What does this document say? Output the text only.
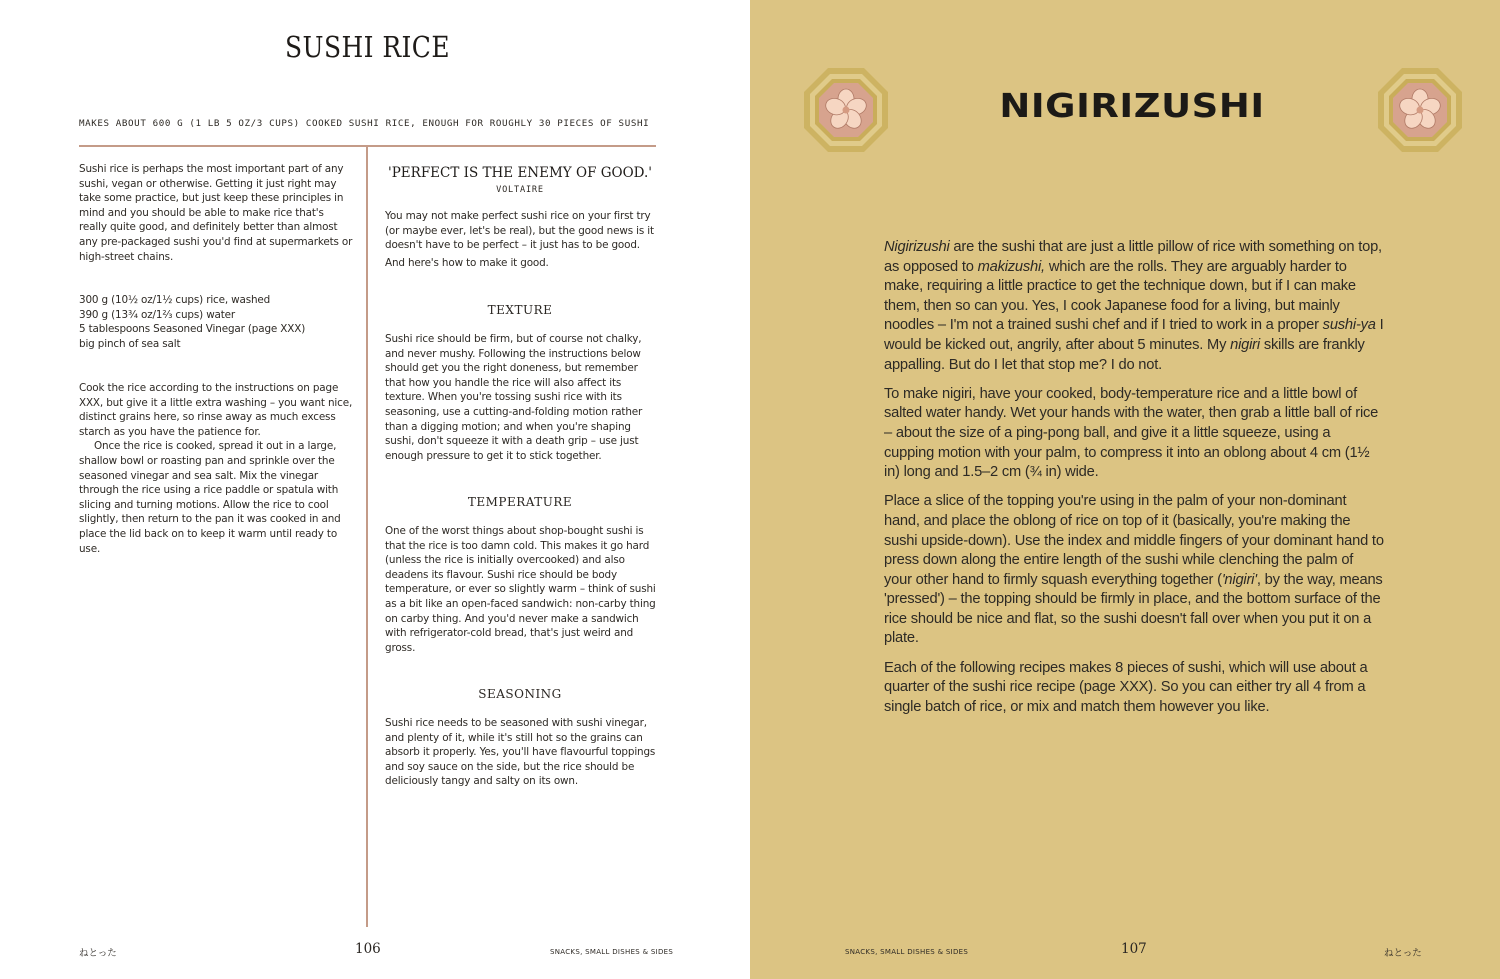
SUSHI RICE
MAKES ABOUT 600 G (1 LB 5 OZ/3 CUPS) COOKED SUSHI RICE, ENOUGH FOR ROUGHLY 30 PIECES OF SUSHI

Sushi rice is perhaps the most important part of any sushi, vegan or otherwise. Getting it just right may take some practice, but just keep these principles in mind and you should be able to make rice that's really quite good, and definitely better than almost any pre-packaged sushi you'd find at supermarkets or high-street chains.

300 g (10½ oz/1½ cups) rice, washed

390 g (13¾ oz/1⅔ cups) water

5 tablespoons Seasoned Vinegar (page XXX)

big pinch of sea salt

Cook the rice according to the instructions on page XXX, but give it a little extra washing – you want nice, distinct grains here, so rinse away as much excess starch as you have the patience for.

Once the rice is cooked, spread it out in a large, shallow bowl or roasting pan and sprinkle over the seasoned vinegar and sea salt. Mix the vinegar through the rice using a rice paddle or spatula with slicing and turning motions. Allow the rice to cool slightly, then return to the pan it was cooked in and place the lid back on to keep it warm until ready to use.

'PERFECT IS THE ENEMY OF GOOD.'
VOLTAIRE

You may not make perfect sushi rice on your first try (or maybe ever, let's be real), but the good news is it doesn't have to be perfect – it just has to be good.

And here's how to make it good.

TEXTURE

Sushi rice should be firm, but of course not chalky, and never mushy. Following the instructions below should get you the right doneness, but remember that how you handle the rice will also affect its texture. When you're tossing sushi rice with its seasoning, use a cutting-and-folding motion rather than a digging motion; and when you're shaping sushi, don't squeeze it with a death grip – use just enough pressure to get it to stick together.

TEMPERATURE

One of the worst things about shop-bought sushi is that the rice is too damn cold. This makes it go hard (unless the rice is initially overcooked) and also deadens its flavour. Sushi rice should be body temperature, or ever so slightly warm – think of sushi as a bit like an open-faced sandwich: non-carby thing on carby thing. And you'd never make a sandwich with refrigerator-cold bread, that's just weird and gross.

SEASONING

Sushi rice needs to be seasoned with sushi vinegar, and plenty of it, while it's still hot so the grains can absorb it properly. Yes, you'll have flavourful toppings and soy sauce on the side, but the rice should be deliciously tangy and salty on its own.

ねとった	106	SNACKS, SMALL DISHES & SIDES
NIGIRIZUSHI

Nigirizushi are the sushi that are just a little pillow of rice with something on top, as opposed to makizushi, which are the rolls. They are arguably harder to make, requiring a little practice to get the technique down, but if I can make them, then so can you. Yes, I cook Japanese food for a living, but mainly noodles – I'm not a trained sushi chef and if I tried to work in a proper sushi-ya I would be kicked out, angrily, after about 5 minutes. My nigiri skills are frankly appalling. But do I let that stop me? I do not.

To make nigiri, have your cooked, body-temperature rice and a little bowl of salted water handy. Wet your hands with the water, then grab a little ball of rice – about the size of a ping-pong ball, and give it a little squeeze, using a cupping motion with your palm, to compress it into an oblong about 4 cm (1½ in) long and 1.5–2 cm (¾ in) wide.

Place a slice of the topping you're using in the palm of your non-dominant hand, and place the oblong of rice on top of it (basically, you're making the sushi upside-down). Use the index and middle fingers of your dominant hand to press down along the entire length of the sushi while clenching the palm of your other hand to firmly squash everything together ('nigiri', by the way, means 'pressed') – the topping should be firmly in place, and the bottom surface of the rice should be nice and flat, so the sushi doesn't fall over when you put it on a plate.

Each of the following recipes makes 8 pieces of sushi, which will use about a quarter of the sushi rice recipe (page XXX). So you can either try all 4 from a single batch of rice, or mix and match them however you like.

SNACKS, SMALL DISHES & SIDES	107	ねとった
